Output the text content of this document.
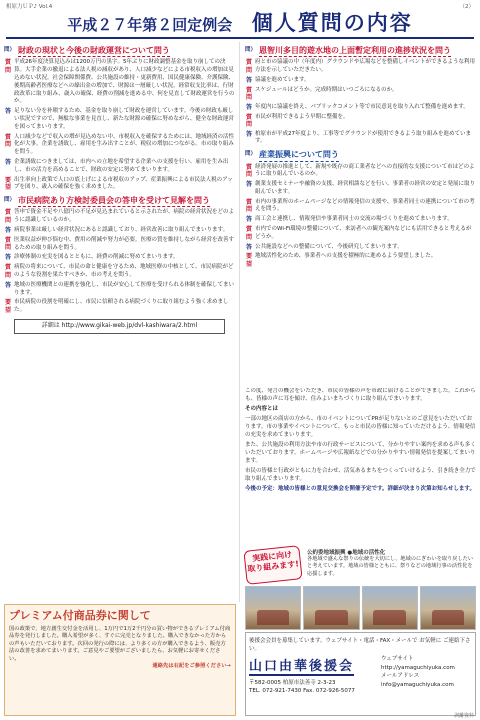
相原力ＵＰ♪ Vol.4	（2）
平成２７年第２回定例会 個人質問の内容
問） 財政の現状と今後の財政運営について問う
質問
平成26年度決算見込みは1200万円の黒字。5年ぶりに財政調整基金を取り崩しての決算。大手企業の撤退による法人税の減収があり、人口減少などによる市税収入の増加は見込めない状況。社会保障関係費、公共施設の維持・更新費用、国民健康保険、介護保険、後期高齢者医療などへの繰出金の増加で、財源は一層厳しい状況。経常収支比率は、行財政改革に取り組み、歳入の確保、経費の削減を進める中、何を見直して財政運営を行うのか。
答 足りない分を补塡するため、基金を取り崩して財政を運営しています。今後の財政も厳しい状況ですので、無駄な事業を見直し、新たな財源の確保に努めながら、健全な財政運営を図ってまいります。
質問
人口減少などで収入の増が見込めない中、市税収入を確保するためには、地域経済の活性化が大事。企業を誘致し、雇用を生み出すことが、税収の増加につながる。市の取り組みを問う。
答 企業誘致につきましては、市内への立地を希望する企業への支援を行い、雇用を生み出し、市の活力を高めることで、財政の安定に努めてまいります。
要望
出生率向上政策で人口の底上げによる市税収のアップ、産業振興による市民法人税のアップを図り、歳入の確保を強く求めました。
問） 市民病院あり方検討委員会の答申を受けて見解を問う
質問
答申で資金不足や八億円の不足が見込まれていると示されたが、病院の経営状況をどのように認識しているのか。
答 病院事業は厳しい経営状況にあると認識しており、経営改善に取り組んでまいります。
質問
医業収益が伸び悩む中、費用の削減や努力が必要。医療の質を維持しながら経営を改善するための取り組みを問う。
答 診療体制の充実を図るとともに、経費の削減に努めてまいります。
質問
病院の将来について、市民の命と健康を守るため、地域医療の中核として、市民病院がどのような役割を果たすべきか、市の考えを問う。
答 地域の医療機関との連携を強化し、市民が安心して医療を受けられる体制を確保してまいります。
要望
市民病院の役割を明確にし、市民に信頼される病院づくりに取り組むよう強く求めました。
詳細は http://www.gikai-web.jp/dvl-kashiwara/2.html
プレミアム付商品券に関して
国の政策で、地方創生交付金を活用し、1万円で1万2千円分の買い物ができるプレミアム付商品券を発行しました。購入希望が多く、すぐに完売となりました。購入できなかった方からの声もいただいております。次回の発行の際には、より多くの方が購入できるよう、販売方法の改善を求めてまいります。ご意見やご要望がございましたら、お気軽にお寄せください。
連絡先は右記をご参照ください→
問） 恩智川多目的遊水地の上面暫定利用の進捗状況を問う
質問
府と市の協議の中（年度内）グラウンドや広場などを整備しイベントができるような利用方法を示していただきたい。
答 協議を進めています。
質問
スケジュールはどうか。完成時期はいつごろになるのか。
答 年度内に協議を終え、パブリックコメント等で市民意見を取り入れて整備を進めます。
質問
市民が利用できるよう早期に整備を。
答 柏原市が平成27年度より、工事等でグラウンドが使用できるよう取り組みを進めています。
問） 産業振興について問う
質問
経済発展の推進として、新規や既存の商工業者などへの直接的な支援について市はどのように取り組んでいるのか。
答 創業支援セミナーや融資の支援、経営相談などを行い、事業者の経営の安定と発展に取り組んでいます。
質問
市内の事業所のホームページなどの情報発信の支援や、事業者同士の連携について市の考えを問う。
答 商工会と連携し、情報発信や事業者同士の交流の場づくりを進めてまいります。
質問
市内でのWi-Fi環境の整備について、来訪者への観光案内などにも活用できると考えるがどうか。
答 公共施設などへの整備について、今後研究してまいります。
要望
地域活性化のため、事業者への支援を積極的に進めるよう要望しました。

この度、発言の機会をいただき、市民の皆様の声を市政に届けることができました。これからも、皆様の声に耳を傾け、住みよいまちづくりに取り組んでまいります。

その内容とは

一部の地区の商店の方から、市のイベントについてPRが足りないとのご意見をいただいております。市の事業やイベントについて、もっと市民の皆様に知っていただけるよう、情報発信の充実を求めてまいります。

また、公共施設の利用方法や市の行政サービスについて、分かりやすい案内を求める声も多くいただいております。ホームページや広報紙などでの分かりやすい情報発信を提案してまいります。

市民の皆様と行政がともに力を合わせ、活気あるまちをつくっていけるよう、引き続き全力で取り組んでまいります。

今後の予定：地域の皆様との意見交換会を開催予定です。詳細が決まり次第お知らせします。

実践に向け
取り組みます!
公約委地域振興 ●地域の活性化
各地域で盛んな祭りの伝統を大切にし、地域のにぎわいを取り戻したいと考えています。地域の皆様とともに、祭りなどの地域行事の活性化を応援します。
後援会会員を募集しています。ウェブサイト・電話・FAX・メールで お気軽に ご連絡下さい。
山口由華後援会
〒582-0005 柏原市法善寺 2-3-23
TEL. 072-921-7430 Fax. 072-926-5077
ウェブサイト
http://yamaguchiyuka.com
メールアドレス
info@yamaguchiyuka.com
剥離資料
